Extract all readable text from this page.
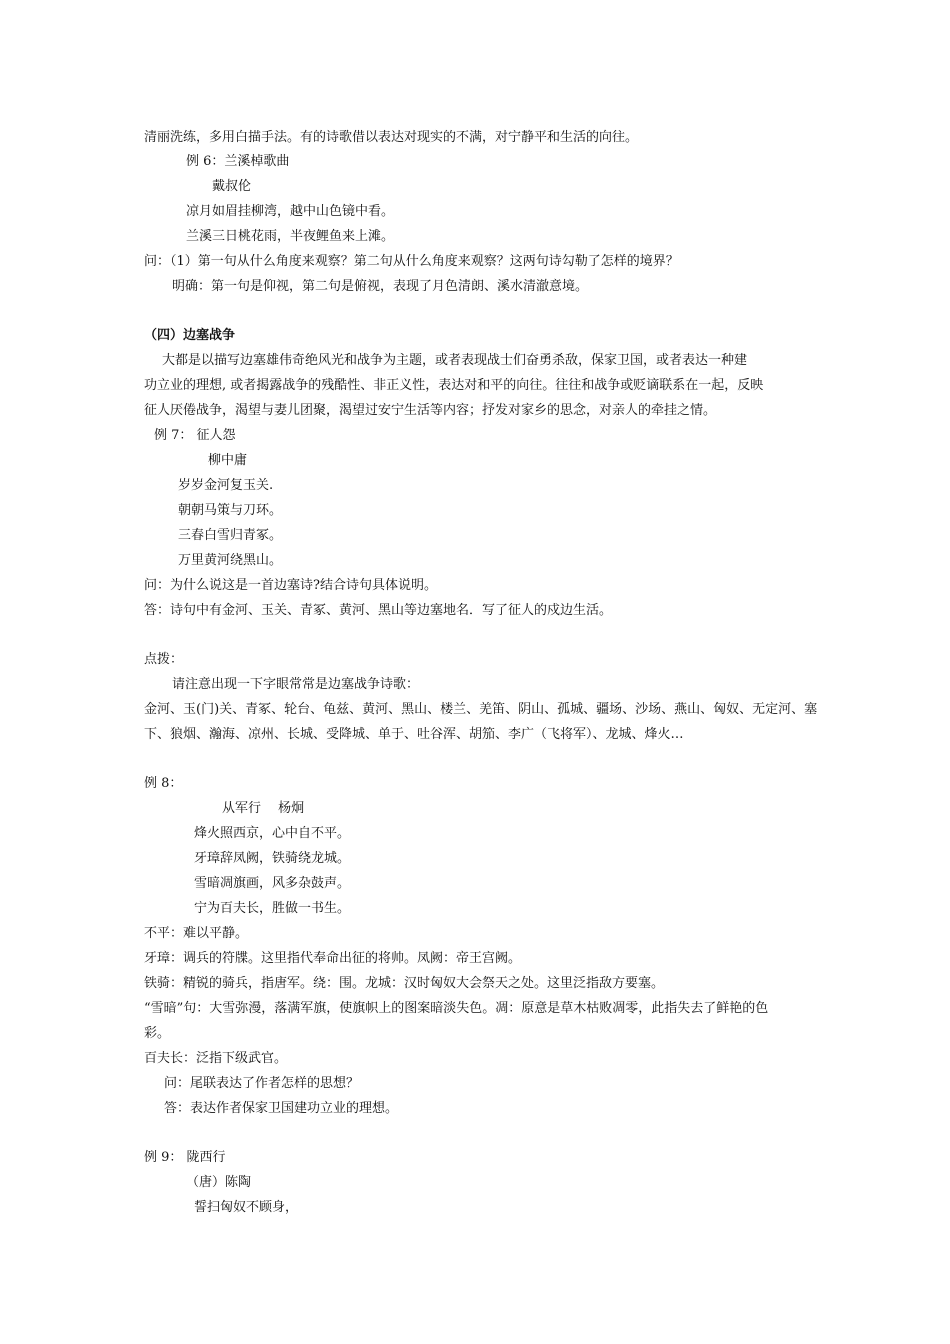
清丽洗练，多用白描手法。有的诗歌借以表达对现实的不满，对宁静平和生活的向往。
例 6：兰溪棹歌曲
戴叔伦
凉月如眉挂柳湾，越中山色镜中看。
兰溪三日桃花雨，半夜鲤鱼来上滩。
问：（1）第一句从什么角度来观察？第二句从什么角度来观察？这两句诗勾勒了怎样的境界？
明确：第一句是仰视，第二句是俯视，表现了月色清朗、溪水清澈意境。
（四）边塞战争
大都是以描写边塞雄伟奇绝风光和战争为主题，或者表现战士们奋勇杀敌，保家卫国，或者表达一种建
功立业的理想, 或者揭露战争的残酷性、非正义性，表达对和平的向往。往往和战争或贬谪联系在一起，反映
征人厌倦战争，渴望与妻儿团聚，渴望过安宁生活等内容；抒发对家乡的思念，对亲人的牵挂之情。
例 7： 征人怨
柳中庸
岁岁金河复玉关.
朝朝马策与刀环。
三春白雪归青冢。
万里黄河绕黑山。
问：为什么说这是一首边塞诗?结合诗句具体说明。
答：诗句中有金河、玉关、青冢、黄河、黑山等边塞地名．写了征人的戍边生活。
点拨：
请注意出现一下字眼常常是边塞战争诗歌：
金河、玉(门)关、青冢、轮台、龟兹、黄河、黑山、楼兰、羌笛、阴山、孤城、疆场、沙场、燕山、匈奴、无定河、塞
下、狼烟、瀚海、凉州、长城、受降城、单于、吐谷浑、胡笳、李广（飞将军）、龙城、烽火…
例 8：
从军行　 杨炯
烽火照西京，心中自不平。
牙璋辞凤阙，铁骑绕龙城。
雪暗凋旗画，风多杂鼓声。
宁为百夫长，胜做一书生。
不平：难以平静。
牙璋：调兵的符牒。这里指代奉命出征的将帅。凤阙：帝王宫阙。
铁骑：精锐的骑兵，指唐军。绕：围。龙城：汉时匈奴大会祭天之处。这里泛指敌方要塞。
“雪暗”句：大雪弥漫，落满军旗，使旗帜上的图案暗淡失色。凋：原意是草木枯败凋零，此指失去了鲜艳的色
彩。
百夫长：泛指下级武官。
问：尾联表达了作者怎样的思想？
答：表达作者保家卫国建功立业的理想。
例 9： 陇西行
（唐）陈陶
誓扫匈奴不顾身，
